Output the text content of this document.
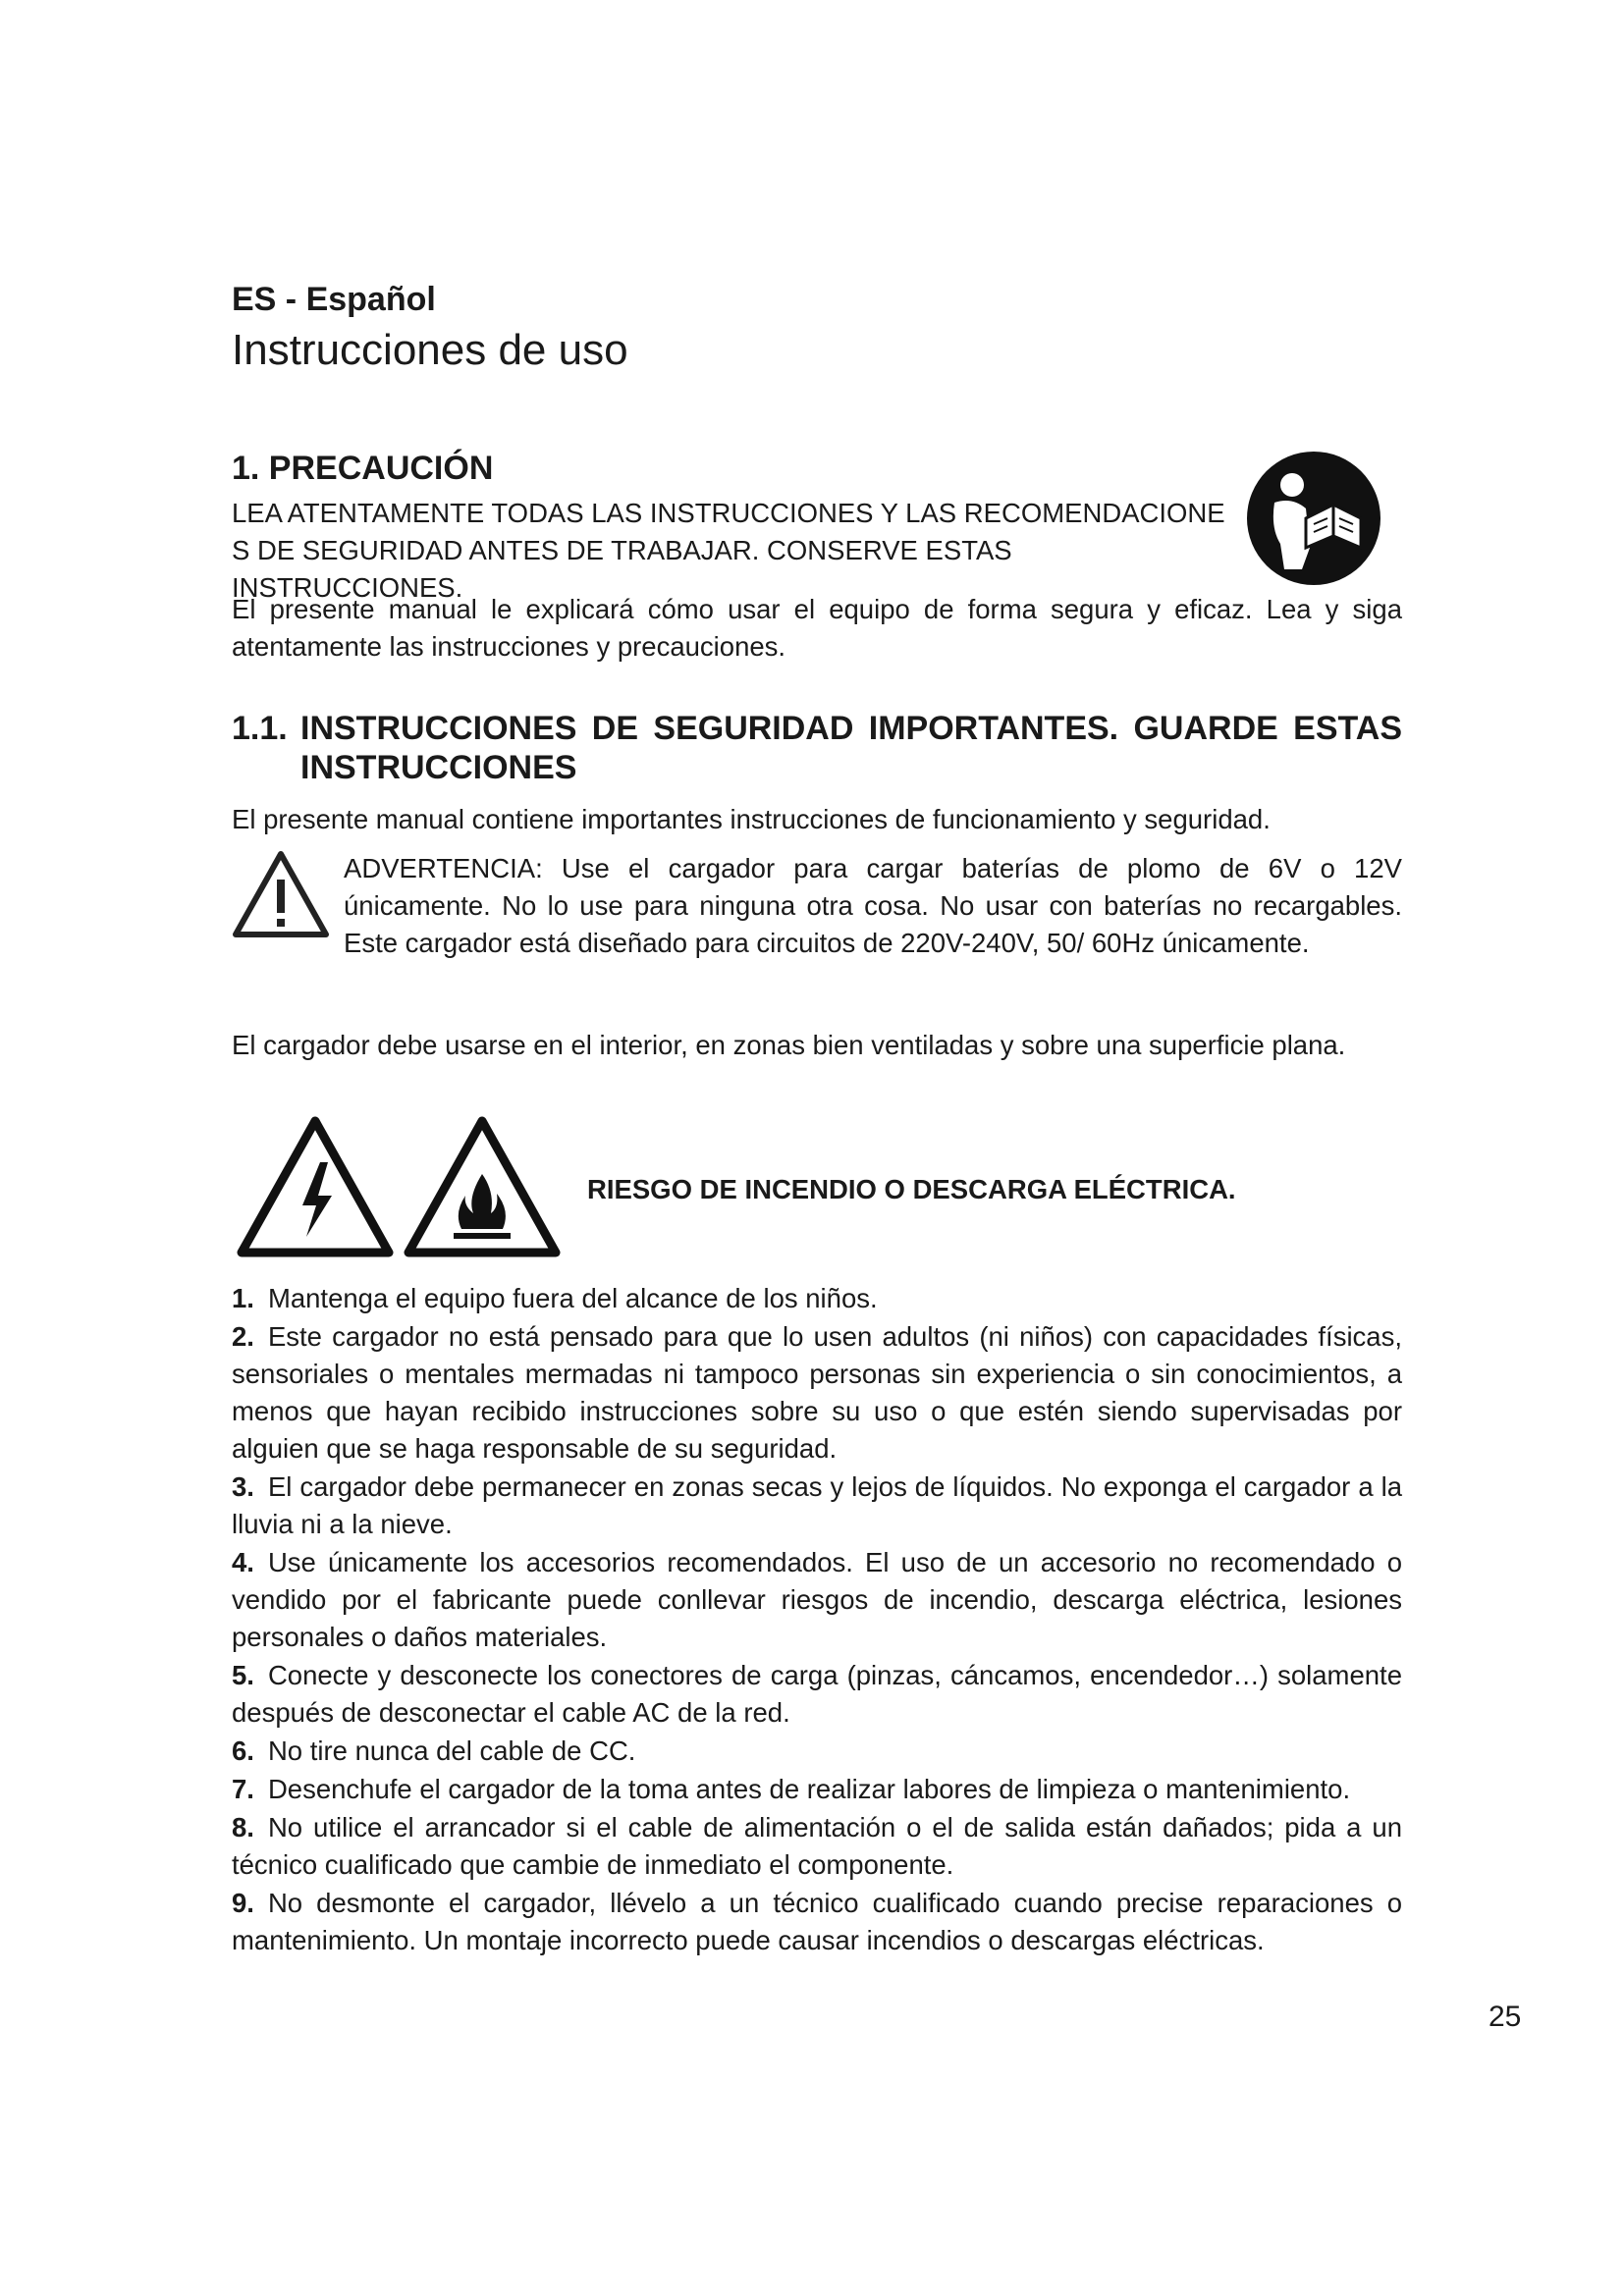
ES - Español
Instrucciones de uso
1. PRECAUCIÓN
LEA ATENTAMENTE TODAS LAS INSTRUCCIONES Y LAS RECOMENDACIONE S DE SEGURIDAD ANTES DE TRABAJAR. CONSERVE ESTAS INSTRUCCIONES.
El presente manual le explicará cómo usar el equipo de forma segura y eficaz. Lea y siga atentamente las instrucciones y precauciones.
1.1. INSTRUCCIONES DE SEGURIDAD IMPORTANTES. GUARDE ESTAS
INSTRUCCIONES
El presente manual contiene importantes instrucciones de funcionamiento y seguridad.
ADVERTENCIA: Use el cargador para cargar baterías de plomo de 6V o 12V únicamente. No lo use para ninguna otra cosa. No usar con baterías no recargables. Este cargador está diseñado para circuitos de 220V-240V, 50/ 60Hz únicamente.
El cargador debe usarse en el interior, en zonas bien ventiladas y sobre una superficie plana.
RIESGO DE INCENDIO O DESCARGA ELÉCTRICA.
1. Mantenga el equipo fuera del alcance de los niños.
2. Este cargador no está pensado para que lo usen adultos (ni niños) con capacidades físicas, sensoriales o mentales mermadas ni tampoco personas sin experiencia o sin conocimientos, a menos que hayan recibido instrucciones sobre su uso o que estén siendo supervisadas por alguien que se haga responsable de su seguridad.
3. El cargador debe permanecer en zonas secas y lejos de líquidos. No exponga el cargador a la lluvia ni a la nieve.
4. Use únicamente los accesorios recomendados. El uso de un accesorio no recomendado o vendido por el fabricante puede conllevar riesgos de incendio, descarga eléctrica, lesiones personales o daños materiales.
5. Conecte y desconecte los conectores de carga (pinzas, cáncamos, encendedor…) solamente después de desconectar el cable AC de la red.
6. No tire nunca del cable de CC.
7. Desenchufe el cargador de la toma antes de realizar labores de limpieza o mantenimiento.
8. No utilice el arrancador si el cable de alimentación o el de salida están dañados; pida a un técnico cualificado que cambie de inmediato el componente.
9. No desmonte el cargador, llévelo a un técnico cualificado cuando precise reparaciones o mantenimiento. Un montaje incorrecto puede causar incendios o descargas eléctricas.
25
